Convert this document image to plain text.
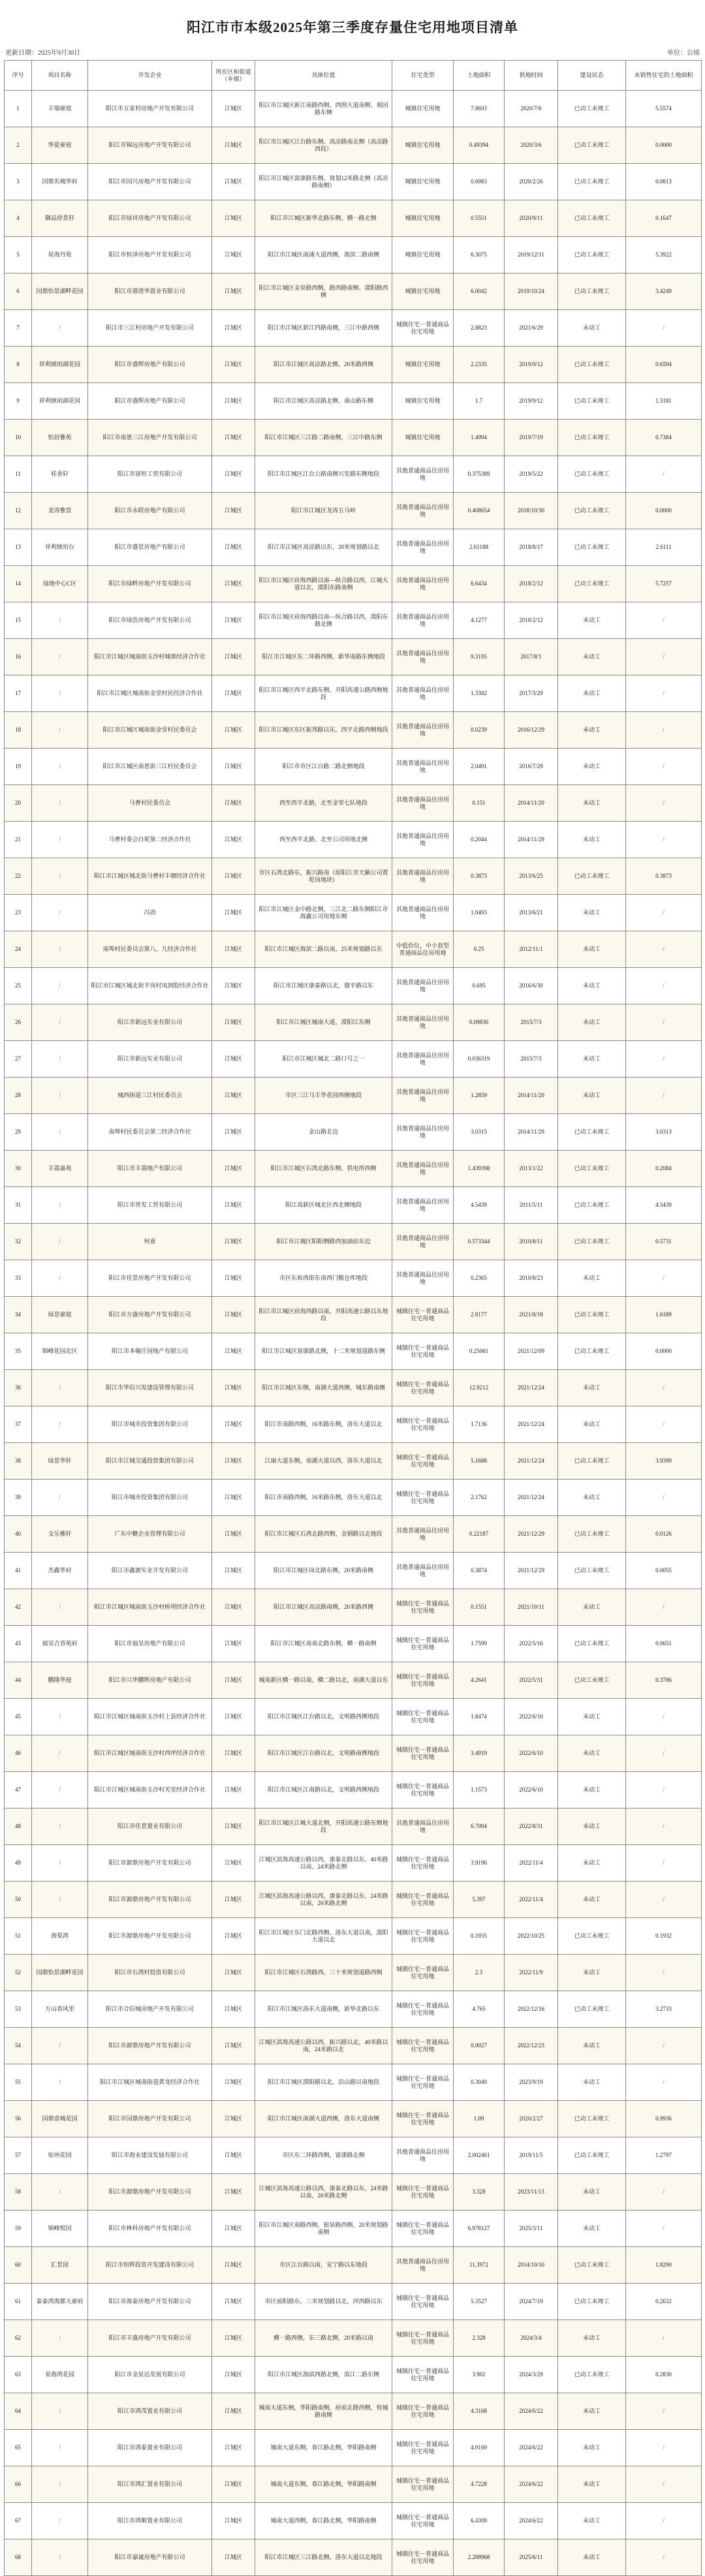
阳江市市本级2025年第三季度存量住宅用地项目清单
更新日期：2025年9月30日	单位：公顷
序号	项目名称	开发企业	所在区和街道（乡镇）	具体位置	住宅类型	土地面积	供地时间	建设状态	未销售住宅的土地面积
1	丰瑞豪庭	阳江市五家村房地产开发有限公司	江城区	阳江市江城区新江南路西侧，西围大道南侧、观园路东侧	城镇住宅用地	7.8693	2020/7/6	已动工未竣工	5.5574
2	华夏豪庭	阳江市锦远房地产开发有限公司	江城区	阳江市江城区江台路东侧、高凉路南北侧（高凉路西段）	城镇住宅用地	0.49394	2020/3/6	已动工未竣工	0.0000
3	国鼎名城华府	阳江市国兴房地产开发有限公司	江城区	阳江市江城区富康路东侧、规划12米路北侧（高凉路南侧）	城镇住宅用地	0.6983	2020/2/26	已动工未竣工	0.0813
4	御品徐景轩	阳江市绿祥房地产开发有限公司	江城区	阳江市江城区新华北路东侧、横一路北侧	城镇住宅用地	0.5551	2020/9/11	已动工未竣工	0.1647
5	星海丹苑	阳江市恒泽房地产开发有限公司	江城区	阳江市江城区南浦大道西侧，海滨二路南侧	城镇住宅用地	6.3075	2019/12/11	已动工未竣工	5.3922
6	国鼎怡景湖畔花园	阳江市港澄华置业有限公司	江城区	阳江市江城区金泉路西侧，路西路南侧、漠阳路西侧	城镇住宅用地	6.0042	2019/10/24	已动工未竣工	3.4249
7	/	阳江市三江村房地产开发有限公司	江城区	阳江市江城区新江四路南侧，三江中路西侧	城镇住宅－普通商品住宅用地	2.8823	2021/6/29	未动工	/
8	祥利琥珀湖花园	阳江市盛辉房地产有限公司	江城区	阳江市江城区高凉路北侧、20米路西侧	城镇住宅用地	2.2335	2019/9/12	已动工未竣工	0.6594
9	祥利琥珀湖花园	阳江市盛辉房地产有限公司	江城区	阳江市江城区高凉路北侧、南山路东侧	城镇住宅用地	1.7	2019/9/12	已动工未竣工	1.5181
10	怡居雅苑	阳江市南恩三江房地产开发有限公司	江城区	阳江市江城区三江路二路南侧，三江中路东侧	城镇住宅用地	1.4994	2019/7/19	已动工未竣工	0.7384
11	桂香轩	阳江市富恒工贸有限公司	江城区	阳江市江城区江台公路南侧兴发路东侧地段	其他普通商品住房用地	0.375389	2019/5/22	已动工未竣工	/
12	龙涛雅景	阳江市永联房地产有限公司	江城区	阳江市江城区龙涛五马岭	其他普通商品住房用地	0.408654	2018/10/30	已动工未竣工	0.0000
13	祥利琥珀台	阳江市盛景房地产有限公司	江城区	阳江市江城区高凉路以东、20米规划路以北	其他普通商品住房用地	2.61188	2018/8/17	已动工未竣工	2.6111
14	绿地中心C区	阳江市绿畔房地产开发有限公司	江城区	阳江市江城区府海西路以南—纵合路以西，江城大道以北，漠阳东路南侧	其他普通商品住房用地	6.6434	2018/2/12	已动工未竣工	5.7257
15	/	阳江市绿浩房地产开发有限公司	江城区	阳江市江城区府海西路以南—纵合路以西，漠阳东路北侧	其他普通商品住房用地	4.1277	2018/2/12	未动工	/
16	/	阳江市江城区城南街玉沙村城郊经济合作社	江城区	阳江市江城区东二环路西侧、新华南路东侧地段	其他普通商品住房用地	9.3195	2017/8/1	未动工	/
17	/	阳江市江城区城南街金堂村民经济合作社	江城区	阳江市江城区西平北路东侧，开阳高速公路西侧地段	其他普通商品住房用地	1.3382	2017/3/29	未动工	/
18	/	阳江市江城区城南街金堂村民委员会	江城区	阳江市江城区东区振邦路以东，西平北路西侧地段	其他普通商品住房用地	0.0239	2016/12/29	未动工	/
19	/	阳江市江城区南恩街三江村民委员会	江城区	阳江市市区江台路二路北侧地段	其他普通商品住房用地	2.0491	2016/7/29	未动工	/
20	/	马曹村民委员会	江城区	西至西平北路，北至金荣七队地段	其他普通商品住房用地	0.151	2014/11/20	未动工	/
21	/	马曹村委会白坭第二经济合作社	江城区	西至西平北路、北至公司用地北侧	其他普通商品住房用地	0.2044	2014/11/29	未动工	/
22	/	阳江市江城区城北街马曹村丰塘经济合作社	江城区	市区石湾北路东，振兴路南（原阳江市天籁公司黄坭岗地块）	其他普通商品住房用地	0.3873	2013/6/25	已动工未竣工	0.3873
23	/	冯劲	江城区	阳江市江城区金中路北侧，三江北二路东侧阳江市海鑫公司用地东侧	其他普通商品住房用地	1.0493	2013/6/21	未动工	/
24	/	南埠村民委员会第八，九经济合作社	江城区	阳江市江城区海滨二路以南，25米规划路以东	中低价位，中小套型普通商品住房用地	0.25	2012/11/1	未动工	/
25	/	阳江市江城区城北街平岗村凤洞股经济合作社	江城区	阳江市江城区康泰路以北，德平路以东	其他普通商品住房用地	0.695	2016/6/30	未动工	/
26	/	阳江市新远实业有限公司	江城区	阳江市江城区城南大道，漠阳江东侧	其他普通商品住房用地	0.09836	2015/7/3	未动工	/
27	/	阳江市新远实业有限公司	江城区	阳江市江城区城北二路口号之一	其他普通商品住房用地	0.036319	2015/7/3	未动工	/
28	/	城西街道三江村民委员会	江城区	市区三江马丰华花园西侧地段	其他普通商品住房用地	1.2859	2014/11/20	未动工	/
29	/	南埠村民委员会第二经济合作社	江城区	金山路北边	其他普通商品住房用地	3.0315	2014/11/29	已动工未竣工	3.0313
30	丰荔嘉苑	阳江市丰荔地产有限公司	江城区	阳江市江城区石湾北路东侧、供电所西侧	其他普通商品住房用地	1.439398	2013/1/22	已动工未竣工	0.2084
31	/	阳江市世发工贸有限公司	江城区	阳江高新区城北区西北侧地段	其他普通商品住房用地	4.5439	2011/5/11	已动工未竣工	4.5439
32	/	何甫	江城区	阳江市江城区阳阳侧路西加油站东边	其他普通商品住房用地	0.573344	2010/8/11	已动工未竣工	0.5731
33	/	阳江市佳景房地产开发有限公司	江城区	市区东和西街东南西门粮仓库地段	其他普通商品住房用地	0.2365	2010/8/23	未动工	/
34	绿景豪庭	阳江市方盛房地产开发有限公司	江城区	阳江市江城区府海西路以南，开阳高速公路以东地段	城镇住宅－普通商品住宅用地	2.8177	2021/8/18	已动工未竣工	1.6189
35	锦峰花园北区	阳江市本翰庄园地产有限公司	江城区	阳江市江城区富康路北侧，十二米规划道路东侧	城镇住宅－普通商品住宅用地	0.25061	2021/12/09	已动工未竣工	0.0000
36	/	阳江市华信兴发建设管理有限公司	江城区	阳江市江城区东侧，南湖大道西侧，城东路南侧	城镇住宅－普通商品住宅用地	12.9212	2021/12/24	未动工	/
37	/	阳江市城市投资集团有限公司	江城区	阳江市南路西侧，16米路东侧，洛东大道以北	城镇住宅－普通商品住宅用地	1.7136	2021/12/24	未动工	/
38	绿景华轩	阳江市江城交通投资集团有限公司	江城区	江丽大道东侧，南湖大道以西，洛东大道以北	城镇住宅－普通商品住宅用地	5.1688	2021/12/24	已动工未竣工	3.9399
39	/	阳江市城市投资集团有限公司	江城区	阳江市南路西侧，16米路东侧，洛东大道以北	城镇住宅－普通商品住宅用地	2.1762	2021/12/24	未动工	/
40	文乐雅轩	广东中糖企业管理有限公司	江城区	阳江市江城区石湾北路西侧，金钢路以北地段	其他普通商品住房用地	0.22187	2021/12/29	已动工未竣工	0.0126
41	杰鑫华府	阳江市鑫源实业开发有限公司	江城区	阳江市江城区岗北路东侧，20米路南侧	其他普通商品住房用地	0.3874	2021/12/29	已动工未竣工	0.0055
42	/	阳江市江城区城南街玉沙村桥坝经济合作社	江城区	阳江市江城区高凉路南侧，20米路西侧	城镇住宅－普通商品住宅用地	0.1551	2021/10/11	未动工	/
43	福昊吉香苑府	阳江市福昊房地产有限公司	江城区	阳江市江城区南南北路东侧，横一路南侧	城镇住宅－普通商品住宅用地	1.7599	2022/5/16	已动工未竣工	0.0651
44	鹏隆华庭	阳江市兴华鹏辉房地产有限公司	江城区	城南新区横一路以南，横二路以北，南湖大道以东	城镇住宅－普通商品住宅用地	4.2641	2022/5/31	已动工未竣工	0.3786
45	/	阳江市江城区城南街玉沙村上县经济合作社	江城区	阳江市江城区江台路以北，文明路西侧地段	城镇住宅－普通商品住宅用地	1.8474	2022/6/10	未动工	/
46	/	阳江市江城区城南街玉沙村西坪经济合作社	江城区	阳江市江城区江台路以北，文明路南侧地段	城镇住宅－普通商品住宅用地	3.4919	2022/6/10	未动工	/
47	/	阳江市江城区城南街玉沙村关堂经济合作社	江城区	阳江市江城区江南路以北，文明路西侧地段	城镇住宅－普通商品住宅用地	1.1573	2022/6/10	未动工	/
48	/	阳江市佳景置业有限公司	江城区	阳江市江城区江城大道北侧，开阳高速公路东侧地段	其他普通商品住房用地	6.7094	2022/8/31	未动工	/
49	/	阳江市源鼎房地产开发有限公司	江城区	江城区滨海高速公路以西，康泰北路以东，40米路以南，24米路北侧	城镇住宅－普通商品住宅用地	3.9196	2022/11/4	未动工	/
50	/	阳江市源鼎房地产开发有限公司	江城区	江城区滨海高速公路以西，康泰北路以东，24米路以南，20米路北侧	城镇住宅－普通商品住宅用地	5.397	2022/11/4	未动工	/
51	海棠湾	阳江市源鼎房地产开发有限公司	江城区	阳江市江城区东门北路西侧，洛东大道以南，漠阳大道以北	城镇住宅－普通商品住宅用地	0.1935	2022/10/25	已动工未竣工	0.1932
52	国鼎怡景湖畔花园	阳江市石湾村投资有限公司	江城区	阳江市江城区石湾路西，三十米规划道路西侧	城镇住宅－普通商品住宅用地	2.3	2022/11/9	未动工	/
53	万山春风里	阳江市合信城房地产开发有限公司	江城区	阳江市江城区洛东大道南侧，新华北路以东	城镇住宅－普通商品住宅用地	4.765	2022/12/16	已动工未竣工	3.2733
54	/	阳江市源鼎房地产开发有限公司	江城区	江城区滨海高速公路以西，振兴路以北，40米路以南，24米路以北	城镇住宅－普通商品住宅用地	0.0027	2022/12/23	未动工	/
55	/	阳江市江城区城南街道黄龙经济合作社	江城区	阳江市江城区漠阳路以北，沿山路以南地段	城镇住宅－普通商品住宅用地	0.3049	2023/9/19	未动工	/
56	国鼎壹城花园	阳江市国鼎房地产开发有限公司	江城区	阳江市江城区南湖大道西侧，洛东大道南侧	城镇住宅－普通商品住宅用地	1.09	2020/2/27	已动工未竣工	0.9936
57	如州花园	阳江市海业建设发展有限公司	江城区	市区东二环路西侧，富康路北侧	其他普通商品住房用地	2.002461	2019/11/5	已动工未竣工	1.2797
58	/	阳江市源鼎房地产开发有限公司	江城区	江城区滨海高速公路以西，康泰北路以东，24米路以南，20米路北侧	城镇住宅－普通商品住宅用地	3.328	2023/11/13	未动工	/
59	锦峰悦园	阳江市林科房地产开发有限公司	江城区	阳江市江城区南路西侧，银泉路西侧，20米规划路南侧	城镇住宅－普通商品住宅用地	6.978127	2025/3/11	未动工	/
60	汇景园	阳江市恒辉投资开发建设有限公司	江城区	市区江台路以南，安宁路以东地段	其他普通商品住房用地	11.3972	2014/10/10	已动工未竣工	1.8290
61	泰泰湾海都大豪府	阳江市海泰房地产开发有限公司	江城区	市区前阳路东，三米规划路以北，河西路以东	城镇住宅－普通商品住宅用地	5.3527	2024/7/19	已动工未竣工	0.2632
62	/	阳江市丰盛房地产开发有限公司	江城区	横一路西侧，东三路北侧，20米路以南	城镇住宅－普通商品住宅用地	2.328	2024/3/4	未动工	/
63	星海湾花园	阳江市金星达发展有限公司	江城区	阳江市江城区海滨西路北侧，滨江二路东侧	城镇住宅－普通商品住宅用地	3.902	2024/3/29	已动工未竣工	0.2830
64	/	阳江市鸿茂置业有限公司	江城区	城南大道东侧，华阳路南侧，府前北路西侧，悦城路南侧	城镇住宅－普通商品住宅用地	4.3168	2024/6/22	未动工	/
65	/	阳江市鸿泰置业有限公司	江城区	城南大道东侧，春江路北侧，华阳路南侧	城镇住宅－普通商品住宅用地	4.9169	2024/6/22	未动工	/
66	/	阳江市鸿汇置业有限公司	江城区	城南大道东侧，春江路北侧，华阳路南侧	城镇住宅－普通商品住宅用地	4.7228	2024/6/22	未动工	/
67	/	阳江市鸿顺置业有限公司	江城区	城南大道西侧，春江路北侧，华阳路南侧	城镇住宅－普通商品住宅用地	6.4309	2024/6/22	未动工	/
68	/	阳江市嘉诚房地产有限公司	江城区	阳江市江城区三江路北侧，洛东大道以北地段	城镇住宅－普通商品住宅用地	2.288968	2025/6/11	未动工	/
